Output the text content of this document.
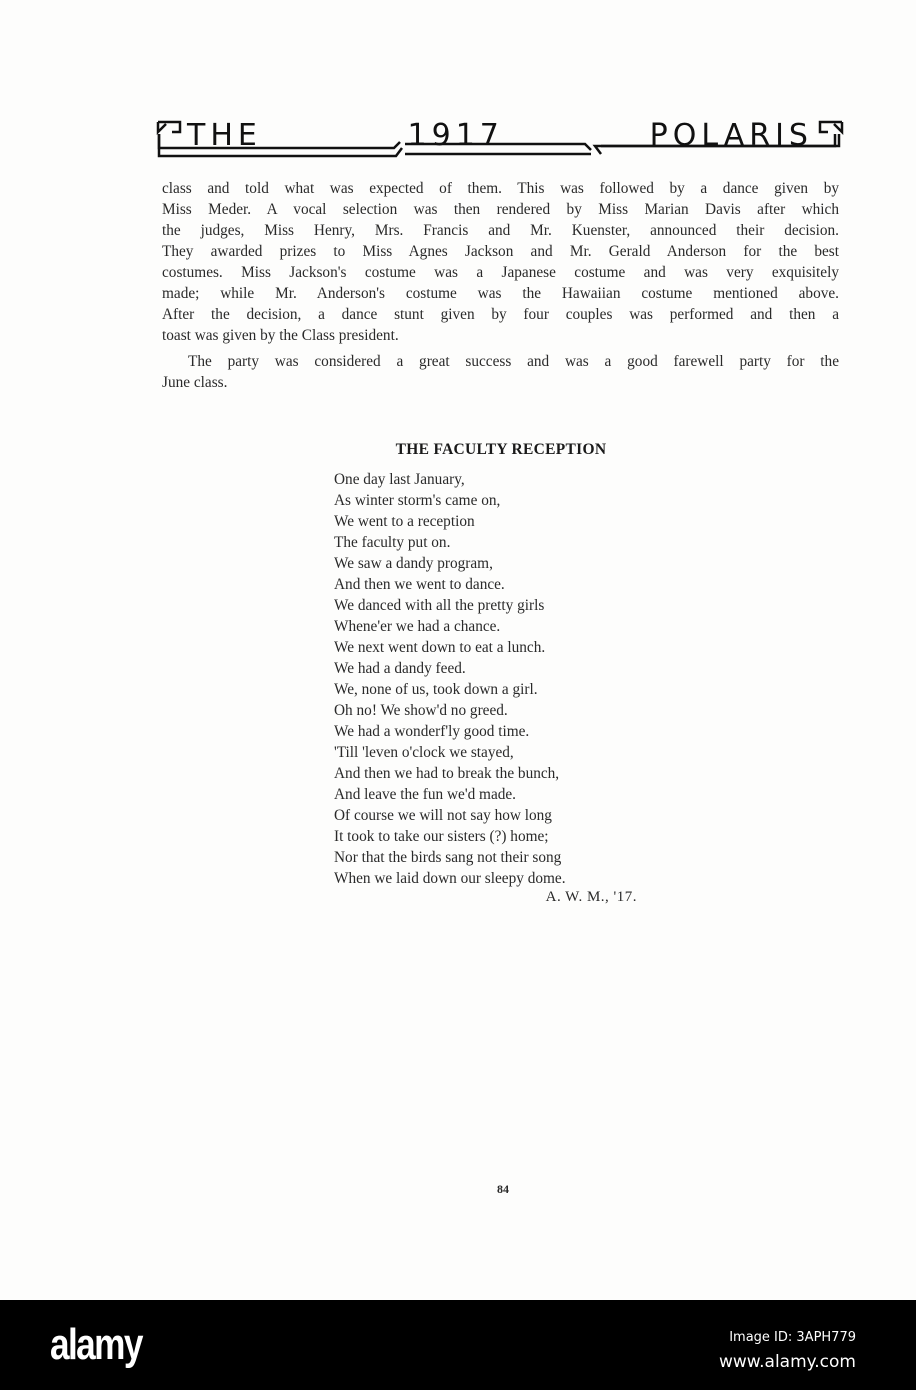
THE	1917	POLARIS
class and told what was expected of them. This was followed by a dance given by
Miss Meder. A vocal selection was then rendered by Miss Marian Davis after which
the judges, Miss Henry, Mrs. Francis and Mr. Kuenster, announced their decision.
They awarded prizes to Miss Agnes Jackson and Mr. Gerald Anderson for the best
costumes. Miss Jackson's costume was a Japanese costume and was very exquisitely
made; while Mr. Anderson's costume was the Hawaiian costume mentioned above.
After the decision, a dance stunt given by four couples was performed and then a
toast was given by the Class president.
The party was considered a great success and was a good farewell party for the
June class.
THE FACULTY RECEPTION
One day last January,
As winter storm's came on,
We went to a reception
The faculty put on.
We saw a dandy program,
And then we went to dance.
We danced with all the pretty girls
Whene'er we had a chance.
We next went down to eat a lunch.
We had a dandy feed.
We, none of us, took down a girl.
Oh no! We show'd no greed.
We had a wonderf'ly good time.
'Till 'leven o'clock we stayed,
And then we had to break the bunch,
And leave the fun we'd made.
Of course we will not say how long
It took to take our sisters (?) home;
Nor that the birds sang not their song
When we laid down our sleepy dome.
A. W. M., '17.
84
alamy	Image ID: 3APH779
www.alamy.com
